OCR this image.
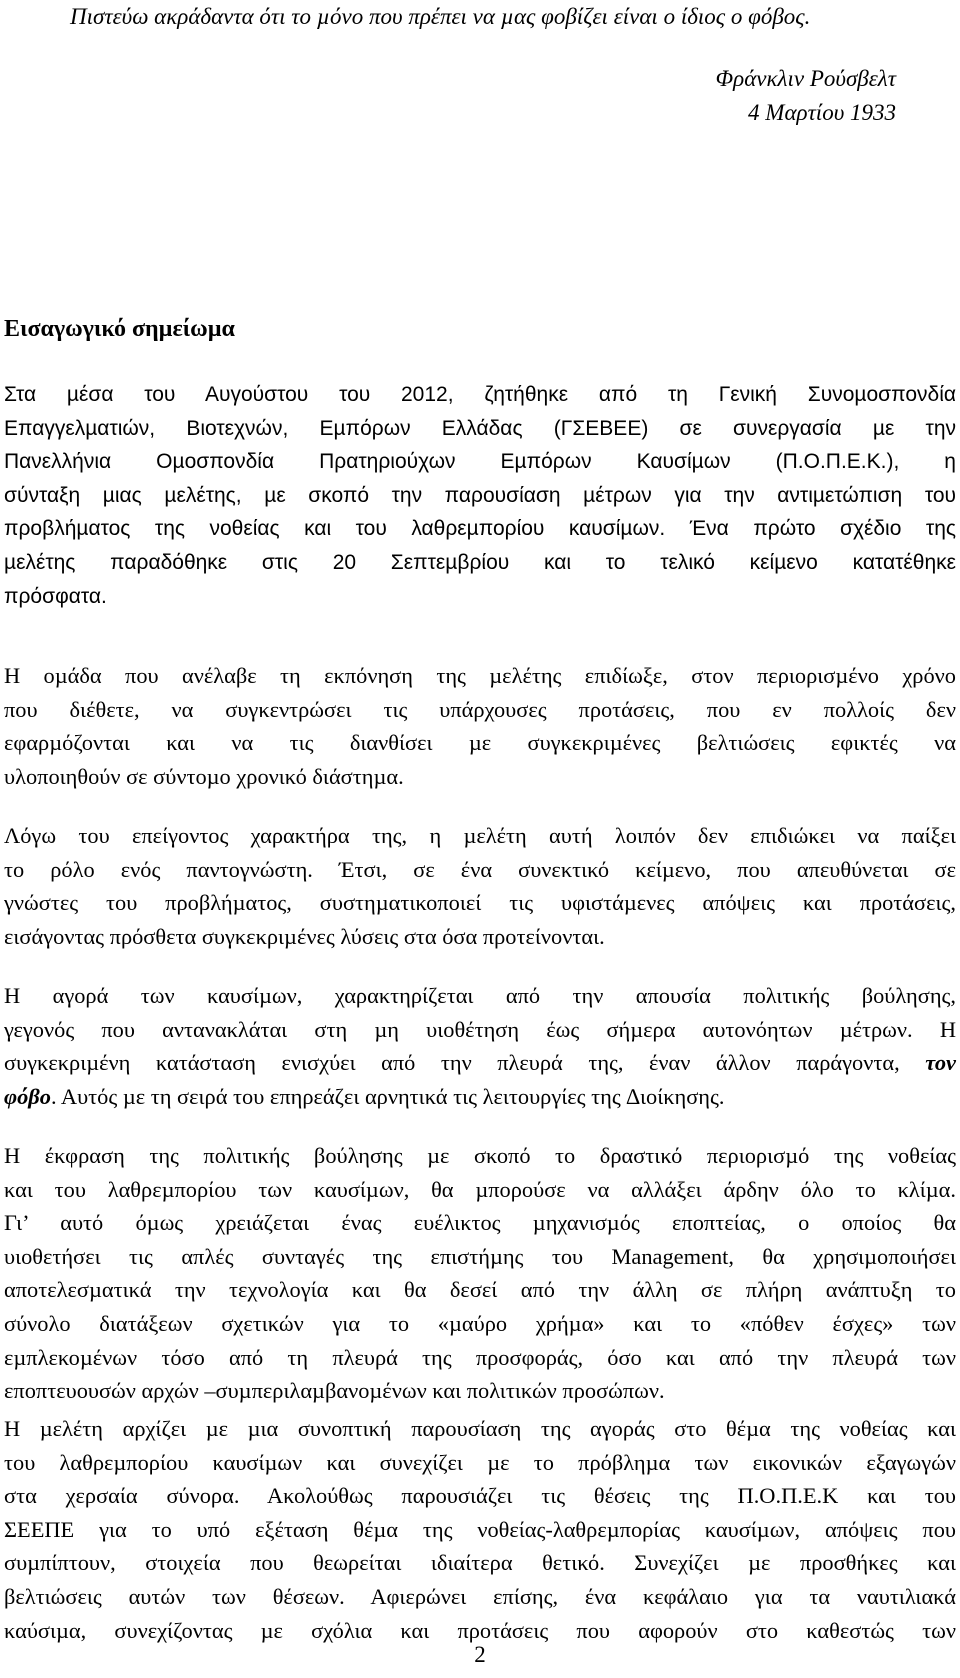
Πιστεύω ακράδαντα ότι το µόνο που πρέπει να µας φοβίζει είναι ο ίδιος ο φόβος.
Φράνκλιν Ρούσβελτ
4 Μαρτίου 1933
Εισαγωγικό σηµείωµα
Στα µέσα του Αυγούστου του 2012, ζητήθηκε από τη Γενική Συνοµοσπονδία
Επαγγελµατιών, Βιοτεχνών, Εµπόρων Ελλάδας (ΓΣΕΒΕΕ) σε συνεργασία µε την
Πανελλήνια Οµοσπονδία Πρατηριούχων Εµπόρων Καυσίµων (Π.Ο.Π.Ε.Κ.), η
σύνταξη µιας µελέτης, µε σκοπό την παρουσίαση µέτρων για την αντιµετώπιση του
προβλήµατος της νοθείας και του λαθρεµπορίου καυσίµων. Ένα πρώτο σχέδιο της
µελέτης παραδόθηκε στις 20 Σεπτεµβρίου και το τελικό κείµενο κατατέθηκε
πρόσφατα.
Η οµάδα που ανέλαβε τη εκπόνηση της µελέτης επιδίωξε, στον περιορισµένο χρόνο
που διέθετε, να συγκεντρώσει τις υπάρχουσες προτάσεις, που εν πολλοίς δεν
εφαρµόζονται και να τις διανθίσει µε συγκεκριµένες βελτιώσεις εφικτές να
υλοποιηθούν σε σύντοµο χρονικό διάστηµα.
Λόγω του επείγοντος χαρακτήρα της, η µελέτη αυτή λοιπόν δεν επιδιώκει να παίξει
το ρόλο ενός παντογνώστη. Έτσι, σε ένα συνεκτικό κείµενο, που απευθύνεται σε
γνώστες του προβλήµατος, συστηµατικοποιεί τις υφιστάµενες απόψεις και προτάσεις,
εισάγοντας πρόσθετα συγκεκριµένες λύσεις στα όσα προτείνονται.
Η αγορά των καυσίµων, χαρακτηρίζεται από την απουσία πολιτικής βούλησης,
γεγονός που αντανακλάται στη µη υιοθέτηση έως σήµερα αυτονόητων µέτρων. Η
συγκεκριµένη κατάσταση ενισχύει από την πλευρά της, έναν άλλον παράγοντα, τον
φόβο. Αυτός µε τη σειρά του επηρεάζει αρνητικά τις λειτουργίες της ∆ιοίκησης.
Η έκφραση της πολιτικής βούλησης µε σκοπό το δραστικό περιορισµό της νοθείας
και του λαθρεµπορίου των καυσίµων, θα µπορούσε να αλλάξει άρδην όλο το κλίµα.
Γι’ αυτό όµως χρειάζεται ένας ευέλικτος µηχανισµός εποπτείας, ο οποίος θα
υιοθετήσει τις απλές συνταγές της επιστήµης του Management, θα χρησιµοποιήσει
αποτελεσµατικά την τεχνολογία και θα δεσεί από την άλλη σε πλήρη ανάπτυξη το
σύνολο διατάξεων σχετικών για το «µαύρο χρήµα» και το «πόθεν έσχες» των
εµπλεκοµένων τόσο από τη πλευρά της προσφοράς, όσο και από την πλευρά των
εποπτευουσών αρχών –συµπεριλαµβανοµένων και πολιτικών προσώπων.
Η µελέτη αρχίζει µε µια συνοπτική παρουσίαση της αγοράς στο θέµα της νοθείας και
του λαθρεµπορίου καυσίµων και συνεχίζει µε το πρόβληµα των εικονικών εξαγωγών
στα χερσαία σύνορα. Ακολούθως παρουσιάζει τις θέσεις της Π.Ο.Π.Ε.Κ και του
ΣΕΕΠΕ για το υπό εξέταση θέµα της νοθείας-λαθρεµπορίας καυσίµων, απόψεις που
συµπίπτουν, στοιχεία που θεωρείται ιδιαίτερα θετικό. Συνεχίζει µε προσθήκες και
βελτιώσεις αυτών των θέσεων. Αφιερώνει επίσης, ένα κεφάλαιο για τα ναυτιλιακά
καύσιµα, συνεχίζοντας µε σχόλια και προτάσεις που αφορούν στο καθεστώς των
2
